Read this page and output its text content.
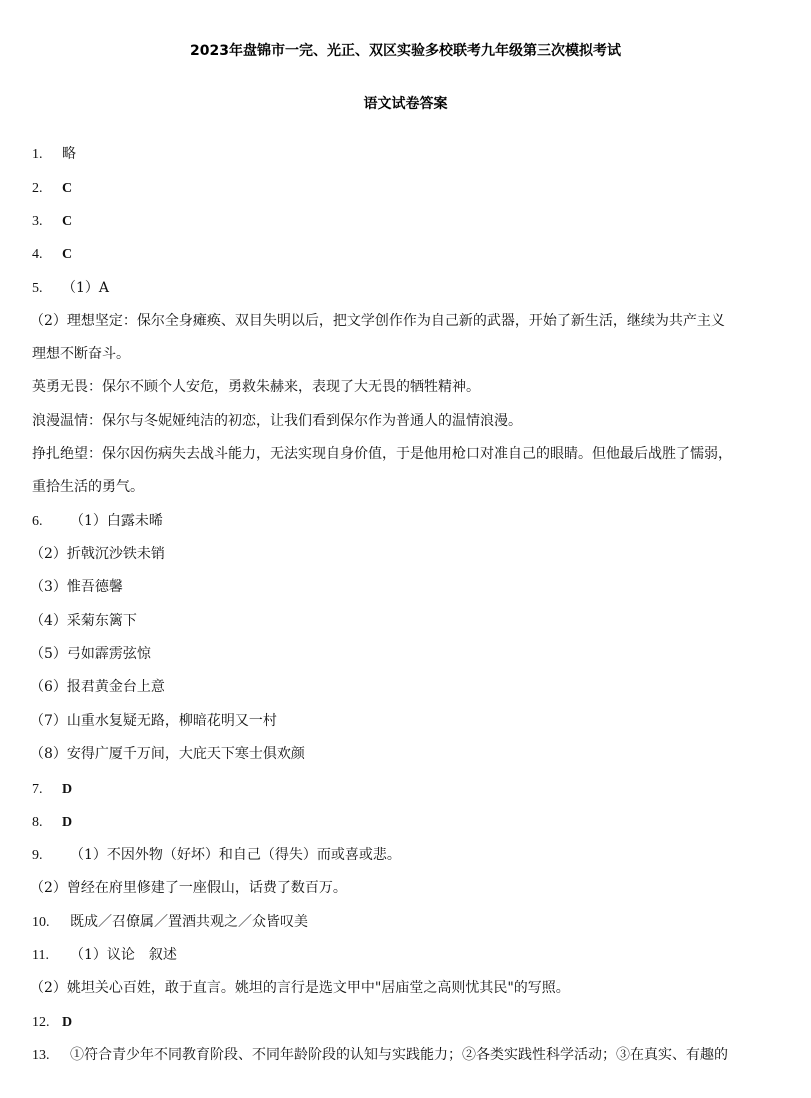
2023年盘锦市一完、光正、双区实验多校联考九年级第三次模拟考试
语文试卷答案
1. 略
2. C
3. C
4. C
5. （1）A
（2）理想坚定：保尔全身瘫痪、双目失明以后，把文学创作作为自己新的武器，开始了新生活，继续为共产主义
理想不断奋斗。
英勇无畏：保尔不顾个人安危，勇救朱赫来，表现了大无畏的牺牲精神。
浪漫温情：保尔与冬妮娅纯洁的初恋，让我们看到保尔作为普通人的温情浪漫。
挣扎绝望：保尔因伤病失去战斗能力，无法实现自身价值，于是他用枪口对准自己的眼睛。但他最后战胜了懦弱，
重拾生活的勇气。
6. （1）白露未晞
（2）折戟沉沙铁未销
（3）惟吾德馨
（4）采菊东篱下
（5）弓如霹雳弦惊
（6）报君黄金台上意
（7）山重水复疑无路，柳暗花明又一村
（8）安得广厦千万间，大庇天下寒士俱欢颜
7. D
8. D
9. （1）不因外物（好坏）和自己（得失）而或喜或悲。
（2）曾经在府里修建了一座假山，话费了数百万。
10. 既成／召僚属／置酒共观之／众皆叹美
11. （1）议论　叙述
（2）姚坦关心百姓，敢于直言。姚坦的言行是选文甲中"居庙堂之高则忧其民"的写照。
12. D
13. ①符合青少年不同教育阶段、不同年龄阶段的认知与实践能力；②各类实践性科学活动；③在真实、有趣的
